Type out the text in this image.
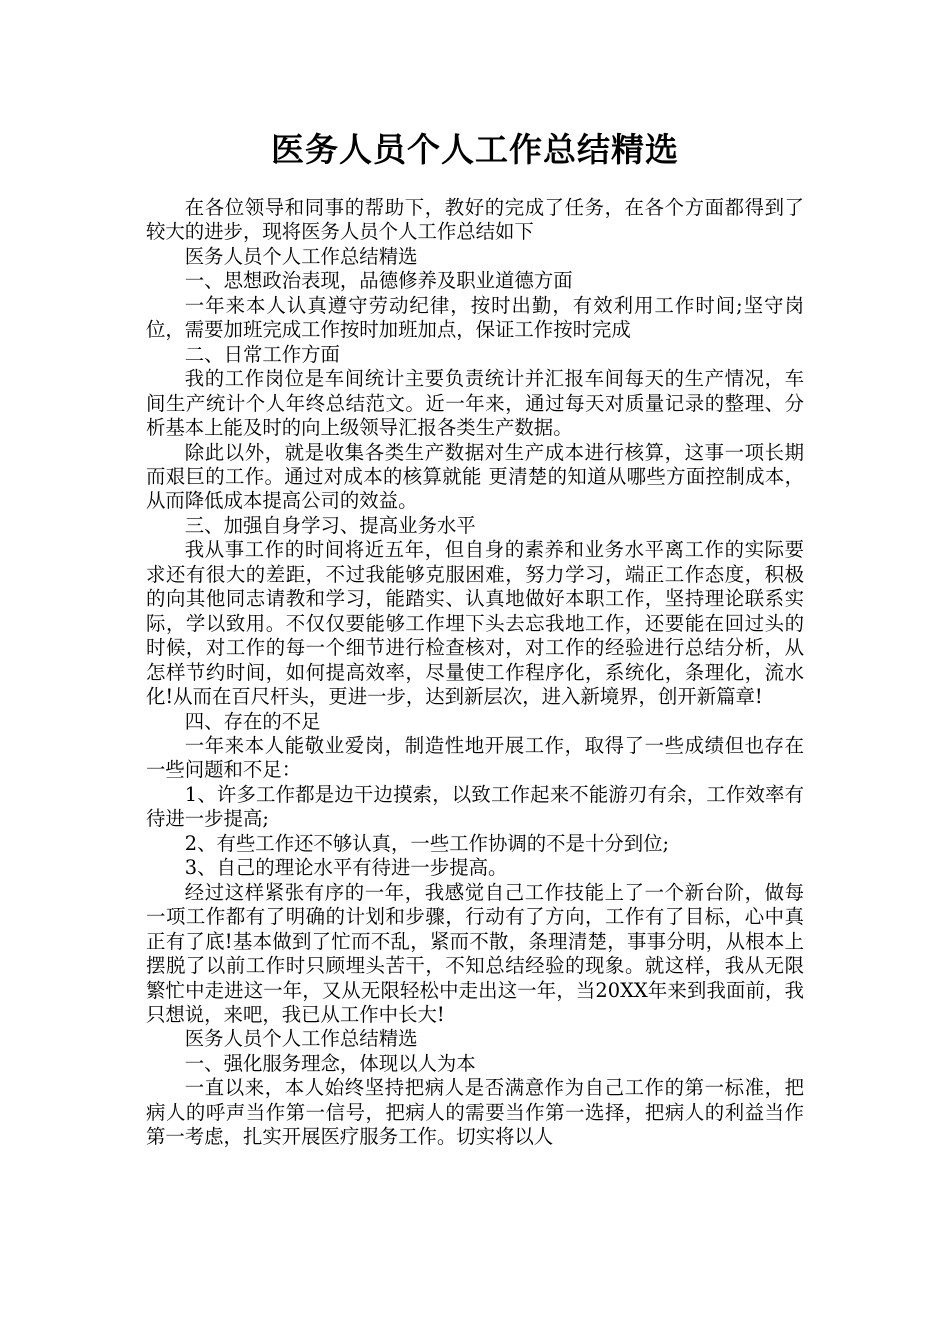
医务人员个人工作总结精选

在各位领导和同事的帮助下，教好的完成了任务，在各个方面都得到了较大的进步，现将医务人员个人工作总结如下

医务人员个人工作总结精选

一、思想政治表现，品德修养及职业道德方面

一年来本人认真遵守劳动纪律，按时出勤，有效利用工作时间;坚守岗位，需要加班完成工作按时加班加点，保证工作按时完成

二、日常工作方面

我的工作岗位是车间统计主要负责统计并汇报车间每天的生产情况，车间生产统计个人年终总结范文。近一年来，通过每天对质量记录的整理、分析基本上能及时的向上级领导汇报各类生产数据。

除此以外，就是收集各类生产数据对生产成本进行核算，这事一项长期而艰巨的工作。通过对成本的核算就能 更清楚的知道从哪些方面控制成本，从而降低成本提高公司的效益。

三、加强自身学习、提高业务水平

我从事工作的时间将近五年，但自身的素养和业务水平离工作的实际要求还有很大的差距，不过我能够克服困难，努力学习，端正工作态度，积极的向其他同志请教和学习，能踏实、认真地做好本职工作，坚持理论联系实际，学以致用。不仅仅要能够工作埋下头去忘我地工作，还要能在回过头的时候，对工作的每一个细节进行检查核对，对工作的经验进行总结分析，从怎样节约时间，如何提高效率，尽量使工作程序化，系统化，条理化，流水化!从而在百尺杆头，更进一步，达到新层次，进入新境界，创开新篇章!

四、存在的不足

一年来本人能敬业爱岗，制造性地开展工作，取得了一些成绩但也存在一些问题和不足：

1、许多工作都是边干边摸索，以致工作起来不能游刃有余，工作效率有待进一步提高;

2、有些工作还不够认真，一些工作协调的不是十分到位;

3、自己的理论水平有待进一步提高。

经过这样紧张有序的一年，我感觉自己工作技能上了一个新台阶，做每一项工作都有了明确的计划和步骤，行动有了方向，工作有了目标，心中真正有了底!基本做到了忙而不乱，紧而不散，条理清楚，事事分明，从根本上摆脱了以前工作时只顾埋头苦干，不知总结经验的现象。就这样，我从无限繁忙中走进这一年，又从无限轻松中走出这一年，当20XX年来到我面前，我只想说，来吧，我已从工作中长大!

医务人员个人工作总结精选

一、强化服务理念，体现以人为本

一直以来，本人始终坚持把病人是否满意作为自己工作的第一标准，把病人的呼声当作第一信号，把病人的需要当作第一选择，把病人的利益当作第一考虑，扎实开展医疗服务工作。切实将以人
